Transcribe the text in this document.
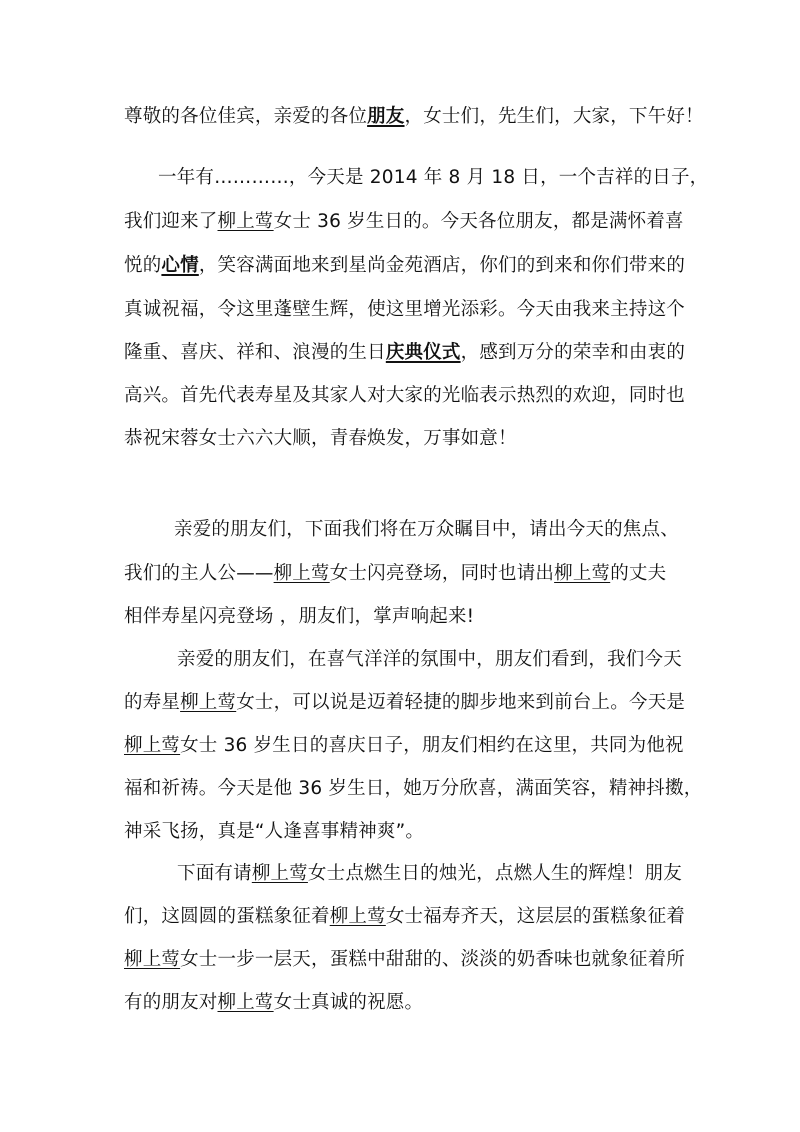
尊敬的各位佳宾，亲爱的各位朋友，女士们，先生们，大家，下午好！
一年有…………，今天是 2014 年 8 月 18 日，一个吉祥的日子，
我们迎来了柳上莺女士 36 岁生日的。今天各位朋友，都是满怀着喜
悦的心情，笑容满面地来到星尚金苑酒店，你们的到来和你们带来的
真诚祝福，令这里蓬壁生辉，使这里增光添彩。今天由我来主持这个
隆重、喜庆、祥和、浪漫的生日庆典仪式，感到万分的荣幸和由衷的
高兴。首先代表寿星及其家人对大家的光临表示热烈的欢迎，同时也
恭祝宋蓉女士六六大顺，青春焕发，万事如意！
亲爱的朋友们，下面我们将在万众瞩目中，请出今天的焦点、
我们的主人公——柳上莺女士闪亮登场，同时也请出柳上莺的丈夫
相伴寿星闪亮登场 ，朋友们，掌声响起来!
亲爱的朋友们，在喜气洋洋的氛围中，朋友们看到，我们今天
的寿星柳上莺女士，可以说是迈着轻捷的脚步地来到前台上。今天是
柳上莺女士 36 岁生日的喜庆日子，朋友们相约在这里，共同为他祝
福和祈祷。今天是他 36 岁生日，她万分欣喜，满面笑容，精神抖擞，
神采飞扬，真是“人逢喜事精神爽”。
下面有请柳上莺女士点燃生日的烛光，点燃人生的辉煌！朋友
们，这圆圆的蛋糕象征着柳上莺女士福寿齐天，这层层的蛋糕象征着
柳上莺女士一步一层天，蛋糕中甜甜的、淡淡的奶香味也就象征着所
有的朋友对柳上莺女士真诚的祝愿。
